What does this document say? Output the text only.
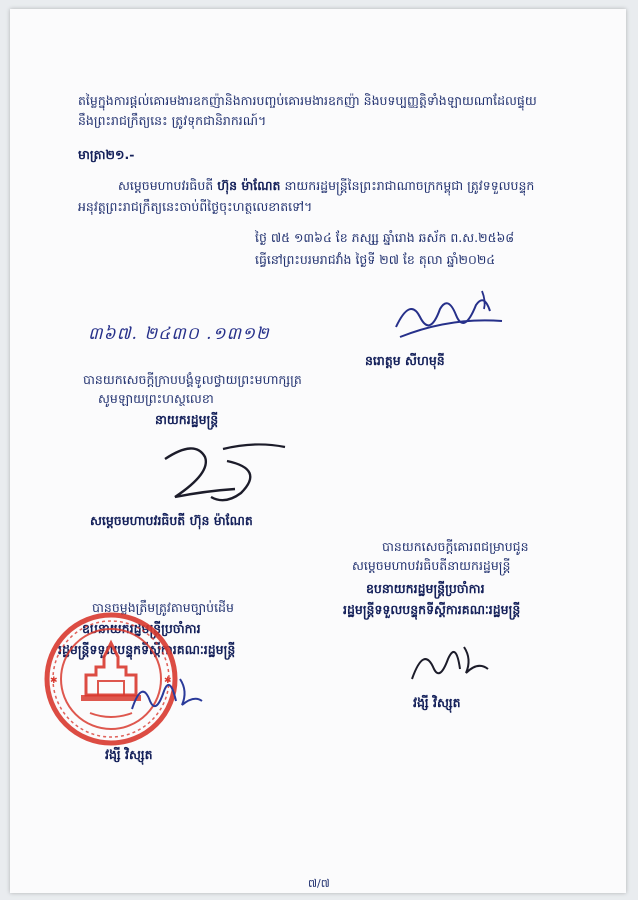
តម្លៃក្នុងការផ្ដល់គោរមងារឧកញ៉ានិងការបញ្ចប់គោរមងារឧកញ៉ា និងបទប្បញ្ញត្តិទាំងឡាយណាដែលផ្ទុយ
នឹងព្រះរាជក្រឹត្យនេះ ត្រូវទុកជានិរាករណ៍។
មាត្រា២១.-
សម្ដេចមហាបវរធិបតី ហ៊ុន ម៉ាណែត នាយករដ្ឋមន្ត្រីនៃព្រះរាជាណាចក្រកម្ពុជា ត្រូវទទួលបន្ទុក
អនុវត្តព្រះរាជក្រឹត្យនេះចាប់ពីថ្ងៃចុះហត្ថលេខាតទៅ។
ថ្ងៃ ៧៥ ១៣៦៤ ខែ ភស្ស្ស ឆ្នាំរោង ឆស័ក ព.ស.២៥៦៨
ធ្វើនៅព្រះបរមរាជវាំង ថ្ងៃទី ២៧ ខែ តុលា ឆ្នាំ២០២៤
៣៦៧. ២៤៣០ .១៣១២
នរោត្តម សីហមុនី
បានយកសេចក្ដីក្រាបបង្គំទូលថ្វាយព្រះមហាក្សត្រ
សូមឡាយព្រះហស្ថលេខា
នាយករដ្ឋមន្ត្រី
សម្ដេចមហាបវរធិបតី ហ៊ុន ម៉ាណែត
បានយកសេចក្ដីគោរពជម្រាបជូន
សម្ដេចមហាបវរធិបតីនាយករដ្ឋមន្ត្រី
ឧបនាយករដ្ឋមន្ត្រីប្រចាំការ
រដ្ឋមន្ត្រីទទួលបន្ទុកទីស្ដីការគណៈរដ្ឋមន្ត្រី
វង្សី វិស្សុត
បានចម្លងត្រឹមត្រូវតាមច្បាប់ដើម
ឧបនាយករដ្ឋមន្ត្រីប្រចាំការ
រដ្ឋមន្ត្រីទទួលបន្ទុកទីស្ដីការគណៈរដ្ឋមន្ត្រី
✱	✱
វង្សី វិស្សុត
៧/៧
